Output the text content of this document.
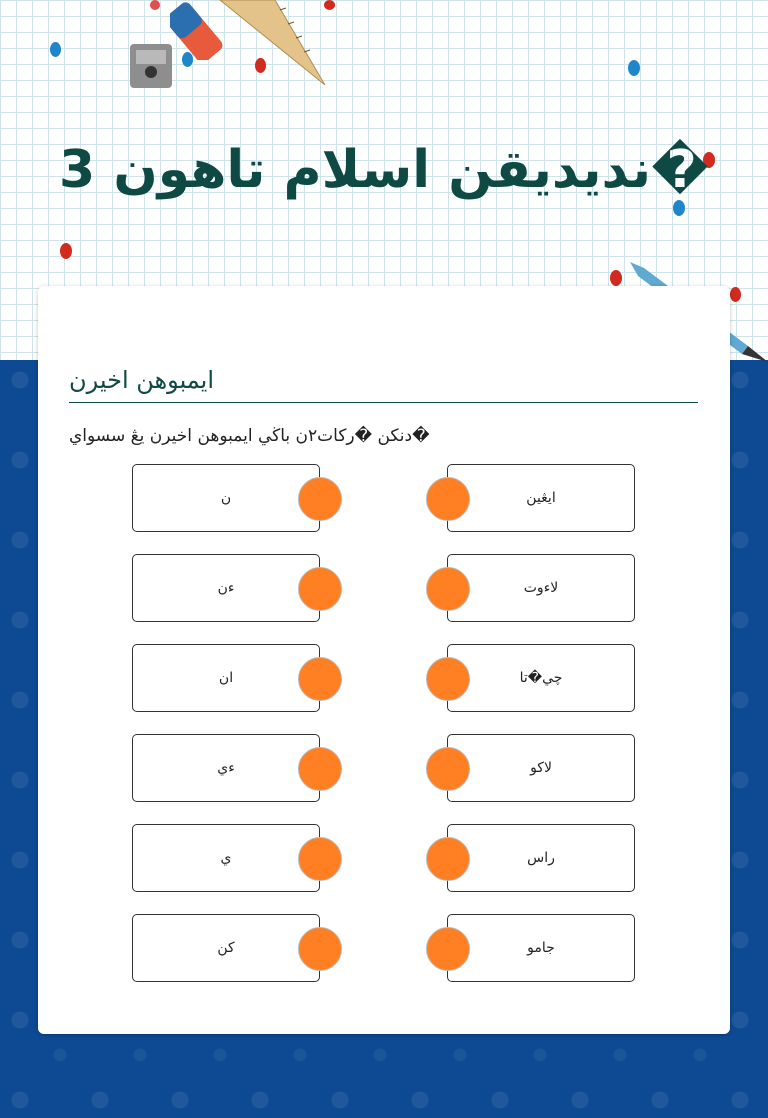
�نديديقن اسلام تاهون 3
ايمبوهن اخيرن
�دنكن �ركات٢ن باڬي ايمبوهن اخيرن يڠ سسواي
ن
ءن
ان
ءي
ي
كن
ايڠين
لاءوت
چي�تا
لاكو
راس
جامو
